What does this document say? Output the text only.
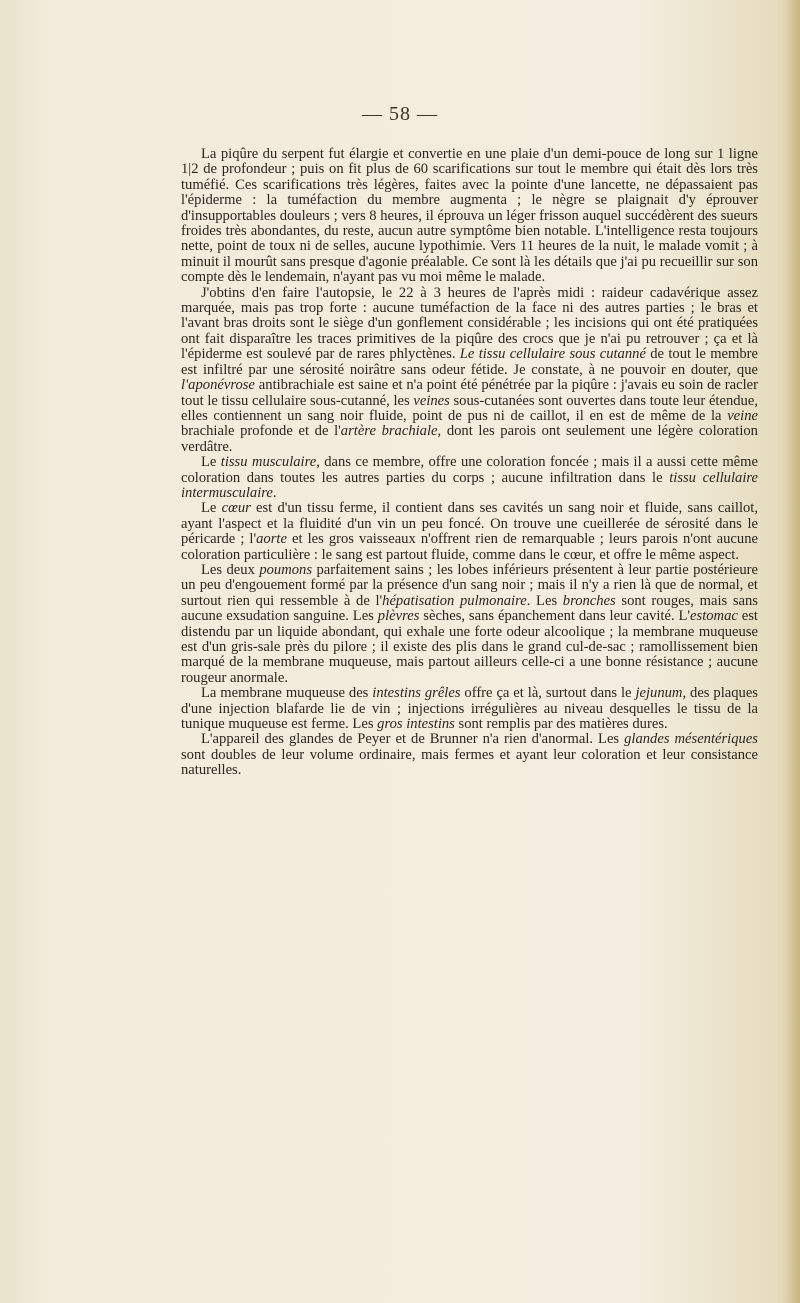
— 58 —

La piqûre du serpent fut élargie et convertie en une plaie d'un demi-pouce de long sur 1 ligne 1|2 de profondeur ; puis on fit plus de 60 scarifications sur tout le membre qui était dès lors très tuméfié. Ces scarifications très légères, faites avec la pointe d'une lancette, ne dépassaient pas l'épiderme : la tuméfaction du membre augmenta ; le nègre se plaignait d'y éprouver d'insupportables douleurs ; vers 8 heures, il éprouva un léger frisson auquel succédèrent des sueurs froides très abondantes, du reste, aucun autre symptôme bien notable. L'intelligence resta toujours nette, point de toux ni de selles, aucune lypothimie. Vers 11 heures de la nuit, le malade vomit ; à minuit il mourût sans presque d'agonie préalable. Ce sont là les détails que j'ai pu recueillir sur son compte dès le lendemain, n'ayant pas vu moi même le malade.

J'obtins d'en faire l'autopsie, le 22 à 3 heures de l'après midi : raideur cadavérique assez marquée, mais pas trop forte : aucune tuméfaction de la face ni des autres parties ; le bras et l'avant bras droits sont le siège d'un gonflement considérable ; les incisions qui ont été pratiquées ont fait disparaître les traces primitives de la piqûre des crocs que je n'ai pu retrouver ; ça et là l'épiderme est soulevé par de rares phlyctènes. Le tissu cellulaire sous cutanné de tout le membre est infiltré par une sérosité noirâtre sans odeur fétide. Je constate, à ne pouvoir en douter, que l'aponévrose antibrachiale est saine et n'a point été pénétrée par la piqûre : j'avais eu soin de racler tout le tissu cellulaire sous-cutanné, les veines sous-cutanées sont ouvertes dans toute leur étendue, elles contiennent un sang noir fluide, point de pus ni de caillot, il en est de même de la veine brachiale profonde et de l'artère brachiale, dont les parois ont seulement une légère coloration verdâtre.

Le tissu musculaire, dans ce membre, offre une coloration foncée ; mais il a aussi cette même coloration dans toutes les autres parties du corps ; aucune infiltration dans le tissu cellulaire intermusculaire.

Le cœur est d'un tissu ferme, il contient dans ses cavités un sang noir et fluide, sans caillot, ayant l'aspect et la fluidité d'un vin un peu foncé. On trouve une cueillerée de sérosité dans le péricarde ; l'aorte et les gros vaisseaux n'offrent rien de remarquable ; leurs parois n'ont aucune coloration particulière : le sang est partout fluide, comme dans le cœur, et offre le même aspect.

Les deux poumons parfaitement sains ; les lobes inférieurs présentent à leur partie postérieure un peu d'engouement formé par la présence d'un sang noir ; mais il n'y a rien là que de normal, et surtout rien qui ressemble à de l'hépatisation pulmonaire. Les bronches sont rouges, mais sans aucune exsudation sanguine. Les plèvres sèches, sans épanchement dans leur cavité. L'estomac est distendu par un liquide abondant, qui exhale une forte odeur alcoolique ; la membrane muqueuse est d'un gris-sale près du pilore ; il existe des plis dans le grand cul-de-sac ; ramollissement bien marqué de la membrane muqueuse, mais partout ailleurs celle-ci a une bonne résistance ; aucune rougeur anormale.

La membrane muqueuse des intestins grêles offre ça et là, surtout dans le jejunum, des plaques d'une injection blafarde lie de vin ; injections irrégulières au niveau desquelles le tissu de la tunique muqueuse est ferme. Les gros intestins sont remplis par des matières dures.

L'appareil des glandes de Peyer et de Brunner n'a rien d'anormal. Les glandes mésentériques sont doubles de leur volume ordinaire, mais fermes et ayant leur coloration et leur consistance naturelles.
